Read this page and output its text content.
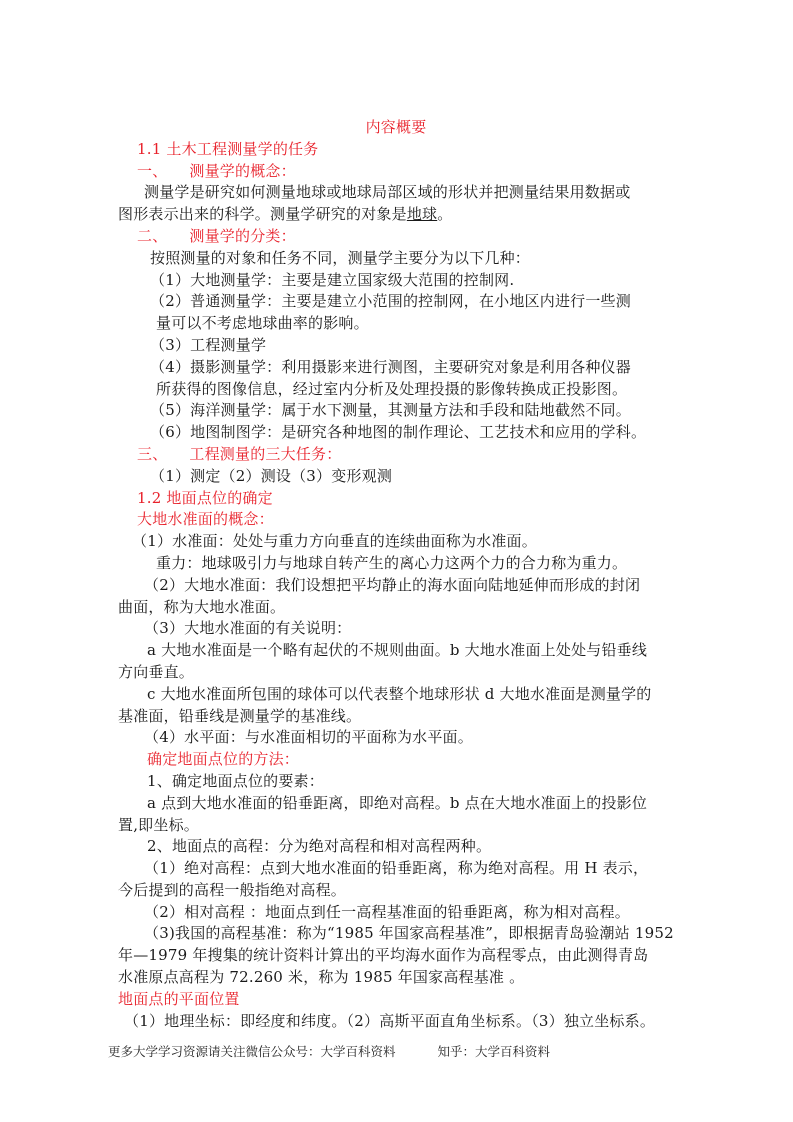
内容概要
1.1 土木工程测量学的任务
一、 测量学的概念：
测量学是研究如何测量地球或地球局部区域的形状并把测量结果用数据或
图形表示出来的科学。测量学研究的对象是地球。
二、 测量学的分类：
按照测量的对象和任务不同，测量学主要分为以下几种：
（1）大地测量学：主要是建立国家级大范围的控制网.
（2）普通测量学：主要是建立小范围的控制网，在小地区内进行一些测
量可以不考虑地球曲率的影响。
（3）工程测量学
（4）摄影测量学：利用摄影来进行测图，主要研究对象是利用各种仪器
所获得的图像信息，经过室内分析及处理投摄的影像转换成正投影图。
（5）海洋测量学：属于水下测量，其测量方法和手段和陆地截然不同。
（6）地图制图学：是研究各种地图的制作理论、工艺技术和应用的学科。
三、 工程测量的三大任务：
（1）测定（2）测设（3）变形观测
1.2 地面点位的确定
大地水准面的概念：
（1）水准面：处处与重力方向垂直的连续曲面称为水准面。
重力：地球吸引力与地球自转产生的离心力这两个力的合力称为重力。
（2）大地水准面：我们设想把平均静止的海水面向陆地延伸而形成的封闭
曲面，称为大地水准面。
（3）大地水准面的有关说明：
a 大地水准面是一个略有起伏的不规则曲面。b 大地水准面上处处与铅垂线
方向垂直。
c 大地水准面所包围的球体可以代表整个地球形状 d 大地水准面是测量学的
基准面，铅垂线是测量学的基准线。
（4）水平面：与水准面相切的平面称为水平面。
确定地面点位的方法：
1、确定地面点位的要素：
a 点到大地水准面的铅垂距离，即绝对高程。b 点在大地水准面上的投影位
置,即坐标。
2、地面点的高程：分为绝对高程和相对高程两种。
（1）绝对高程：点到大地水准面的铅垂距离，称为绝对高程。用 H 表示，
今后提到的高程一般指绝对高程。
（2）相对高程 ：地面点到任一高程基准面的铅垂距离，称为相对高程。
（3)我国的高程基准：称为“1985 年国家高程基准”，即根据青岛验潮站 1952
年—1979 年搜集的统计资料计算出的平均海水面作为高程零点，由此测得青岛
水准原点高程为 72.260 米，称为 1985 年国家高程基准 。
地面点的平面位置
（1）地理坐标：即经度和纬度。（2）高斯平面直角坐标系。（3）独立坐标系。
更多大学学习资源请关注微信公众号：大学百科资料	知乎：大学百科资料
